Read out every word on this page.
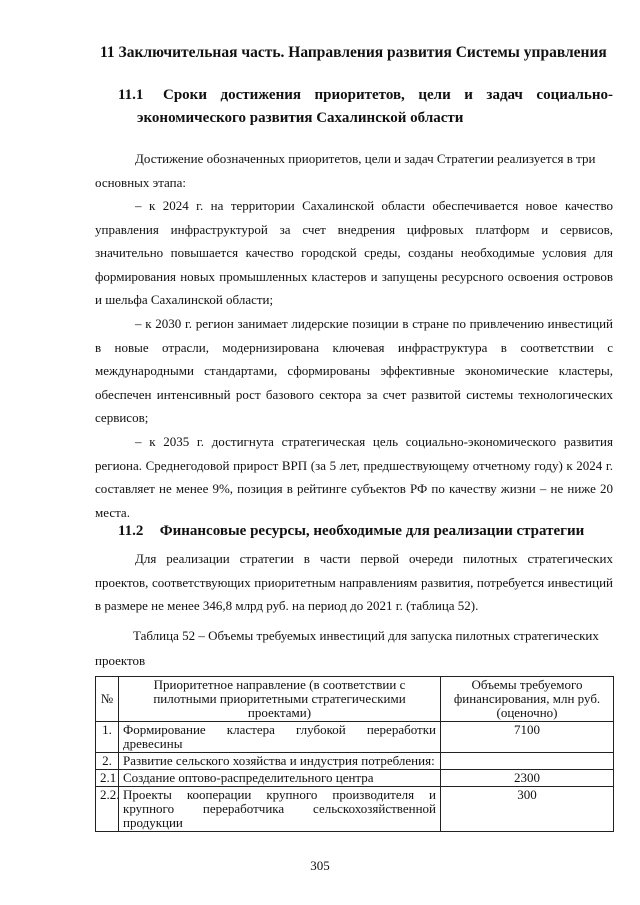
11 Заключительная часть. Направления развития Системы управления
11.1	Сроки достижения приоритетов, цели и задач социально-
экономического развития Сахалинской области

Достижение обозначенных приоритетов, цели и задач Стратегии реализуется в три основных этапа:

– к 2024 г. на территории Сахалинской области обеспечивается новое качество управления инфраструктурой за счет внедрения цифровых платформ и сервисов, значительно повышается качество городской среды, созданы необходимые условия для формирования новых промышленных кластеров и запущены ресурсного освоения островов и шельфа Сахалинской области;

– к 2030 г. регион занимает лидерские позиции в стране по привлечению инвестиций в новые отрасли, модернизирована ключевая инфраструктура в соответствии с международными стандартами, сформированы эффективные экономические кластеры, обеспечен интенсивный рост базового сектора за счет развитой системы технологических сервисов;

– к 2035 г. достигнута стратегическая цель социально-экономического развития региона. Среднегодовой прирост ВРП (за 5 лет, предшествующему отчетному году) к 2024 г. составляет не менее 9%, позиция в рейтинге субъектов РФ по качеству жизни – не ниже 20 места.

11.2 Финансовые ресурсы, необходимые для реализации стратегии

Для реализации стратегии в части первой очереди пилотных стратегических проектов, соответствующих приоритетным направлениям развития, потребуется инвестиций в размере не менее 346,8 млрд руб. на период до 2021 г. (таблица 52).

Таблица 52 – Объемы требуемых инвестиций для запуска пилотных стратегических
проектов
№	Приоритетное направление (в соответствии с пилотными приоритетными стратегическими проектами)	Объемы требуемого финансирования, млн руб. (оценочно)
1.	Формирование кластера глубокой переработки древесины	7100
2.	Развитие сельского хозяйства и индустрия потребления:	
2.1	Создание оптово-распределительного центра	2300
2.2.	Проекты кооперации крупного производителя и крупного переработчика сельскохозяйственной продукции	300
305
